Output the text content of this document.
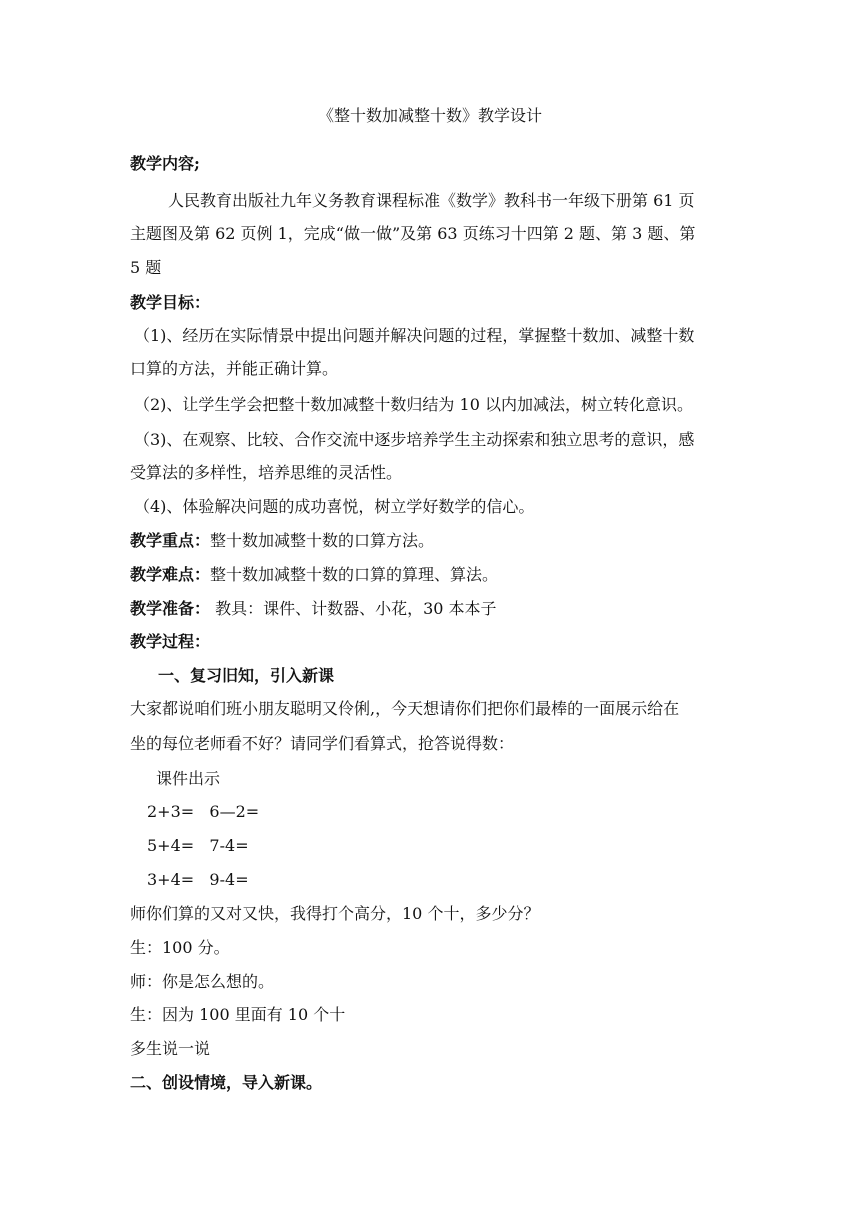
《整十数加减整十数》教学设计
教学内容;
人民教育出版社九年义务教育课程标准《数学》教科书一年级下册第 61 页
主题图及第 62 页例 1，完成“做一做”及第 63 页练习十四第 2 题、第 3 题、第
5 题
教学目标：
（1)、经历在实际情景中提出问题并解决问题的过程，掌握整十数加、减整十数
口算的方法，并能正确计算。
（2)、让学生学会把整十数加减整十数归结为 10 以内加减法，树立转化意识。
（3)、在观察、比较、合作交流中逐步培养学生主动探索和独立思考的意识，感
受算法的多样性，培养思维的灵活性。
（4)、体验解决问题的成功喜悦，树立学好数学的信心。
教学重点：整十数加减整十数的口算方法。
教学难点：整十数加减整十数的口算的算理、算法。
教学准备： 教具：课件、计数器、小花，30 本本子
教学过程：
一、复习旧知，引入新课
大家都说咱们班小朋友聪明又伶俐,，今天想请你们把你们最棒的一面展示给在
坐的每位老师看不好？请同学们看算式，抢答说得数：
课件出示
2+3=   6—2=
5+4=   7-4=
3+4=   9-4=
师你们算的又对又快，我得打个高分，10 个十，多少分？
生：100 分。
师：你是怎么想的。
生：因为 100 里面有 10 个十
多生说一说
二、创设情境，导入新课。
